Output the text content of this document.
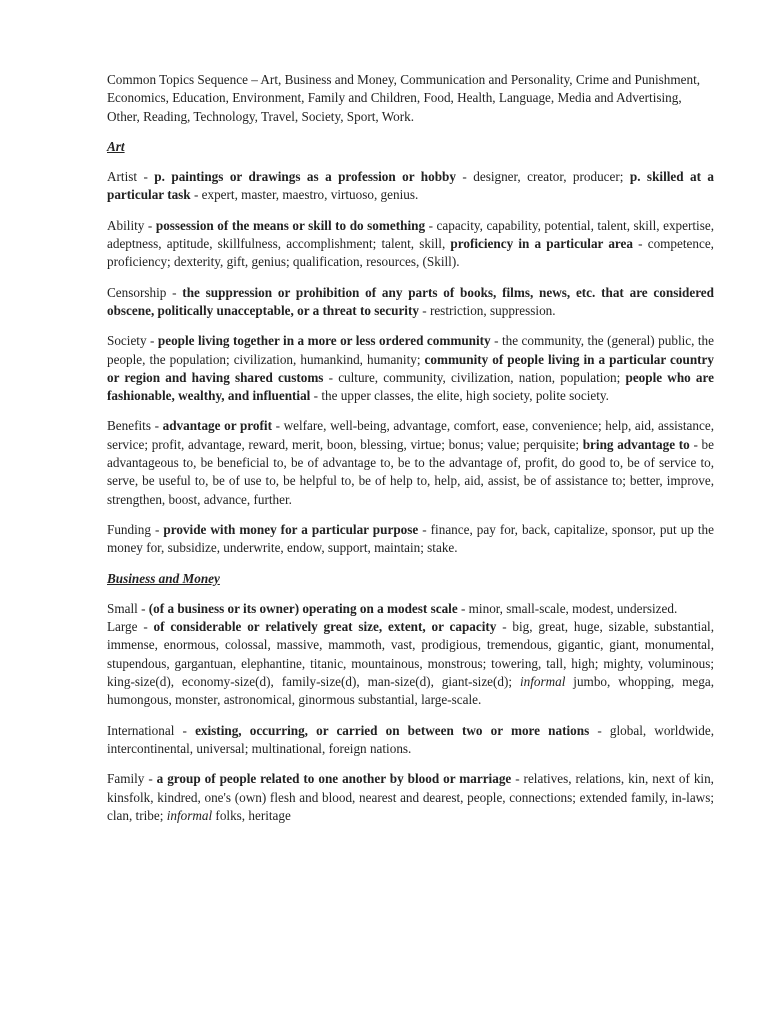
Common Topics Sequence – Art, Business and Money, Communication and Personality, Crime and Punishment, Economics, Education, Environment, Family and Children, Food, Health, Language, Media and Advertising, Other, Reading, Technology, Travel, Society, Sport, Work.

Art

Artist - p. paintings or drawings as a profession or hobby - designer, creator, producer; p. skilled at a particular task - expert, master, maestro, virtuoso, genius.

Ability - possession of the means or skill to do something - capacity, capability, potential, talent, skill, expertise, adeptness, aptitude, skillfulness, accomplishment; talent, skill, proficiency in a particular area - competence, proficiency; dexterity, gift, genius; qualification, resources, (Skill).

Censorship - the suppression or prohibition of any parts of books, films, news, etc. that are considered obscene, politically unacceptable, or a threat to security - restriction, suppression.

Society - people living together in a more or less ordered community - the community, the (general) public, the people, the population; civilization, humankind, humanity; community of people living in a particular country or region and having shared customs - culture, community, civilization, nation, population; people who are fashionable, wealthy, and influential - the upper classes, the elite, high society, polite society.

Benefits - advantage or profit - welfare, well-being, advantage, comfort, ease, convenience; help, aid, assistance, service; profit, advantage, reward, merit, boon, blessing, virtue; bonus; value; perquisite; bring advantage to - be advantageous to, be beneficial to, be of advantage to, be to the advantage of, profit, do good to, be of service to, serve, be useful to, be of use to, be helpful to, be of help to, help, aid, assist, be of assistance to; better, improve, strengthen, boost, advance, further.

Funding - provide with money for a particular purpose - finance, pay for, back, capitalize, sponsor, put up the money for, subsidize, underwrite, endow, support, maintain; stake.

Business and Money

Small - (of a business or its owner) operating on a modest scale - minor, small-scale, modest, undersized.

Large - of considerable or relatively great size, extent, or capacity - big, great, huge, sizable, substantial, immense, enormous, colossal, massive, mammoth, vast, prodigious, tremendous, gigantic, giant, monumental, stupendous, gargantuan, elephantine, titanic, mountainous, monstrous; towering, tall, high; mighty, voluminous; king-size(d), economy-size(d), family-size(d), man-size(d), giant-size(d); informal jumbo, whopping, mega, humongous, monster, astronomical, ginormous substantial, large-scale.

International - existing, occurring, or carried on between two or more nations - global, worldwide, intercontinental, universal; multinational, foreign nations.

Family - a group of people related to one another by blood or marriage - relatives, relations, kin, next of kin, kinsfolk, kindred, one's (own) flesh and blood, nearest and dearest, people, connections; extended family, in-laws; clan, tribe; informal folks, heritage
